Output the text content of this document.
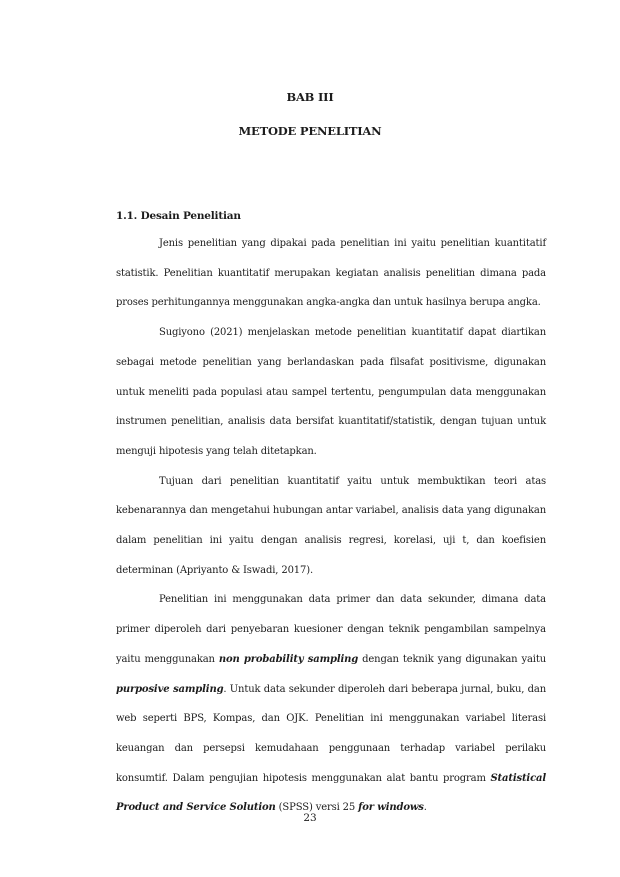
BAB III
METODE PENELITIAN
1.1. Desain Penelitian

Jenis penelitian yang dipakai pada penelitian ini yaitu penelitian kuantitatif statistik. Penelitian kuantitatif merupakan kegiatan analisis penelitian dimana pada proses perhitungannya menggunakan angka-angka dan untuk hasilnya berupa angka.

Sugiyono (2021) menjelaskan metode penelitian kuantitatif dapat diartikan sebagai metode penelitian yang berlandaskan pada filsafat positivisme, digunakan untuk meneliti pada populasi atau sampel tertentu, pengumpulan data menggunakan instrumen penelitian, analisis data bersifat kuantitatif/statistik, dengan tujuan untuk menguji hipotesis yang telah ditetapkan.

Tujuan dari penelitian kuantitatif yaitu untuk membuktikan teori atas kebenarannya dan mengetahui hubungan antar variabel, analisis data yang digunakan dalam penelitian ini yaitu dengan analisis regresi, korelasi, uji t, dan koefisien determinan (Apriyanto & Iswadi, 2017).

Penelitian ini menggunakan data primer dan data sekunder, dimana data primer diperoleh dari penyebaran kuesioner dengan teknik pengambilan sampelnya yaitu menggunakan non probability sampling dengan teknik yang digunakan yaitu purposive sampling. Untuk data sekunder diperoleh dari beberapa jurnal, buku, dan web seperti BPS, Kompas, dan OJK. Penelitian ini menggunakan variabel literasi keuangan dan persepsi kemudahaan penggunaan terhadap variabel perilaku konsumtif. Dalam pengujian hipotesis menggunakan alat bantu program Statistical Product and Service Solution (SPSS) versi 25 for windows.

23
